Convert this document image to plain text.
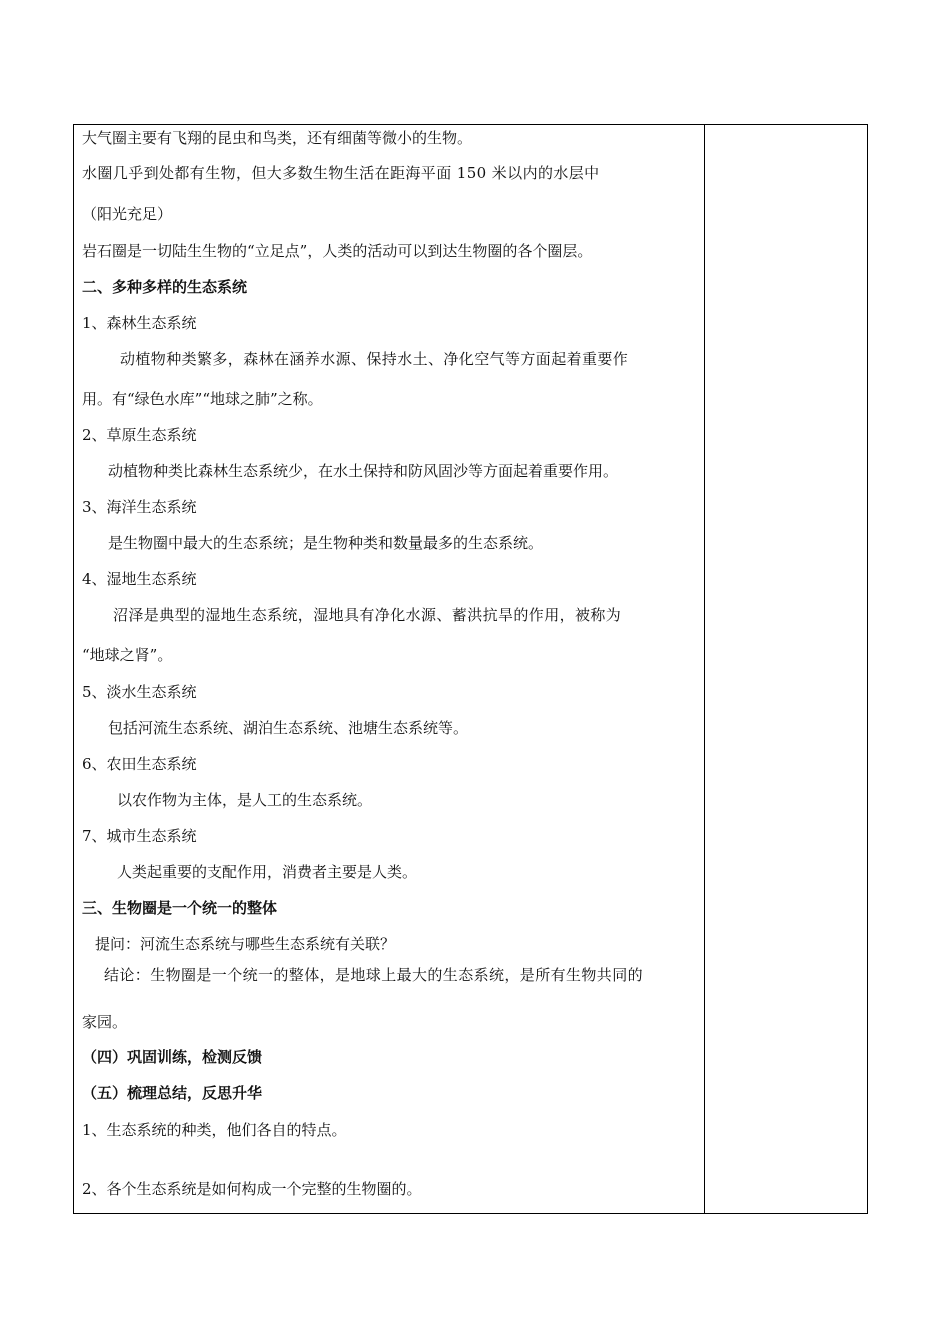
大气圈主要有飞翔的昆虫和鸟类，还有细菌等微小的生物。
水圈几乎到处都有生物，但大多数生物生活在距海平面 150 米以内的水层中
（阳光充足）
岩石圈是一切陆生生物的“立足点”，人类的活动可以到达生物圈的各个圈层。
二、多种多样的生态系统
1、森林生态系统
动植物种类繁多，森林在涵养水源、保持水土、净化空气等方面起着重要作
用。有“绿色水库”“地球之肺”之称。
2、草原生态系统
动植物种类比森林生态系统少，在水土保持和防风固沙等方面起着重要作用。
3、海洋生态系统
是生物圈中最大的生态系统；是生物种类和数量最多的生态系统。
4、湿地生态系统
沼泽是典型的湿地生态系统，湿地具有净化水源、蓄洪抗旱的作用，被称为
“地球之肾”。
5、淡水生态系统
包括河流生态系统、湖泊生态系统、池塘生态系统等。
6、农田生态系统
以农作物为主体，是人工的生态系统。
7、城市生态系统
人类起重要的支配作用，消费者主要是人类。
三、生物圈是一个统一的整体
提问：河流生态系统与哪些生态系统有关联？
结论：生物圈是一个统一的整体，是地球上最大的生态系统，是所有生物共同的
家园。
（四）巩固训练，检测反馈
（五）梳理总结，反思升华
1、生态系统的种类，他们各自的特点。
2、各个生态系统是如何构成一个完整的生物圈的。
